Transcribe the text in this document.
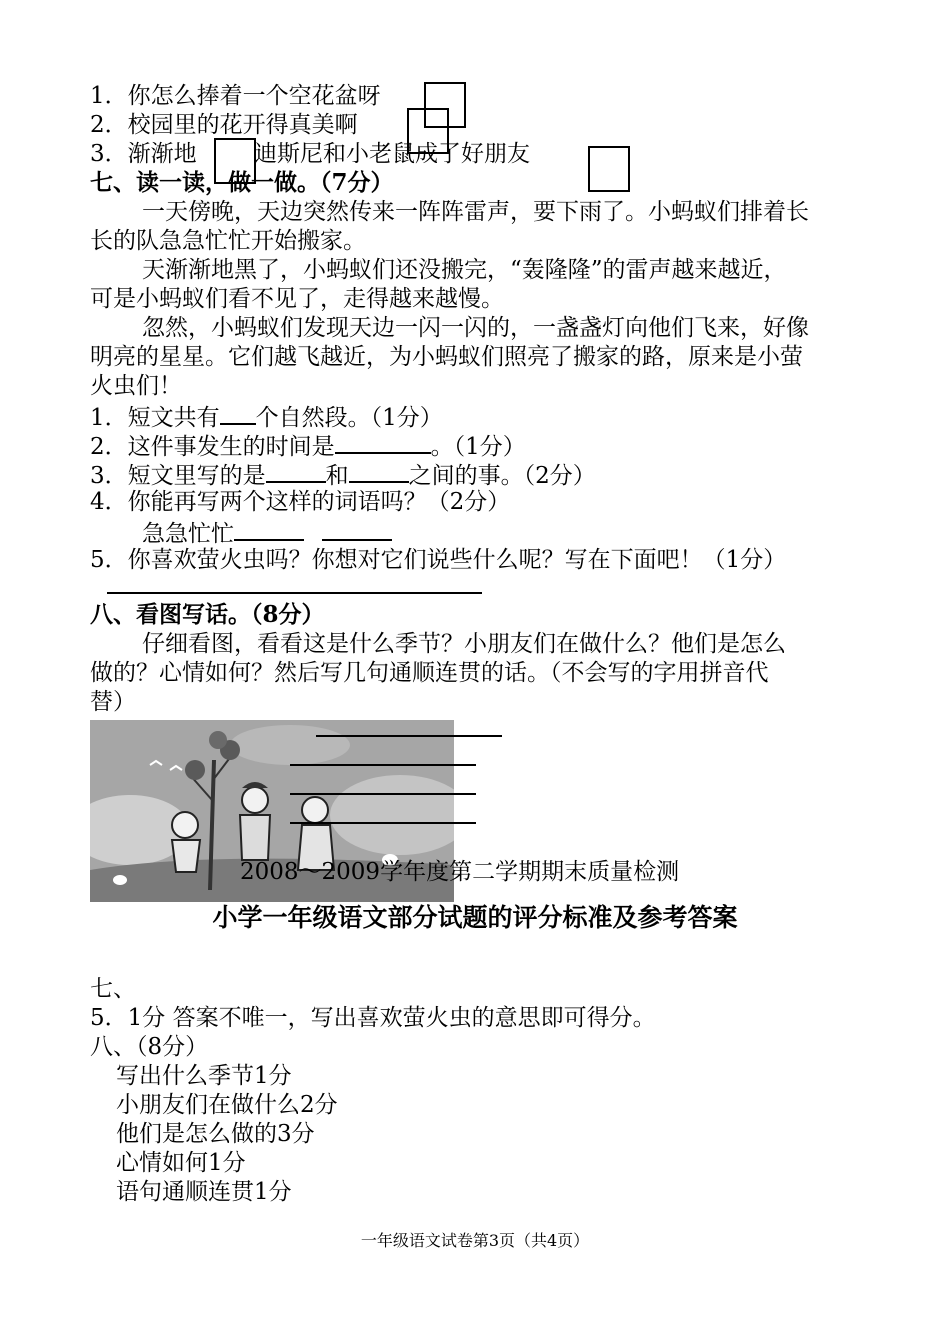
1．你怎么捧着一个空花盆呀
2．校园里的花开得真美啊
3．渐渐地 迪斯尼和小老鼠成了好朋友
七、读一读，做一做。（7分）
一天傍晚，天边突然传来一阵阵雷声，要下雨了。小蚂蚁们排着长
长的队急急忙忙开始搬家。
天渐渐地黑了，小蚂蚁们还没搬完，“轰隆隆”的雷声越来越近，
可是小蚂蚁们看不见了，走得越来越慢。
忽然，小蚂蚁们发现天边一闪一闪的，一盏盏灯向他们飞来，好像
明亮的星星。它们越飞越近，为小蚂蚁们照亮了搬家的路，原来是小萤
火虫们！
1．短文共有 个自然段。（1分）
2．这件事发生的时间是	。（1分）
3．短文里写的是	和	之间的事。（2分）
4．你能再写两个这样的词语吗？（2分）
急急忙忙
5．你喜欢萤火虫吗？你想对它们说些什么呢？写在下面吧！（1分）
八、看图写话。（8分）
仔细看图，看看这是什么季节？小朋友们在做什么？他们是怎么
做的？心情如何？然后写几句通顺连贯的话。（不会写的字用拼音代
替）
2008～2009学年度第二学期期末质量检测
小学一年级语文部分试题的评分标准及参考答案
七、
5．1分 答案不唯一，写出喜欢萤火虫的意思即可得分。
八、（8分）
写出什么季节1分
小朋友们在做什么2分
他们是怎么做的3分
心情如何1分
语句通顺连贯1分
一年级语文试卷第3页（共4页）
